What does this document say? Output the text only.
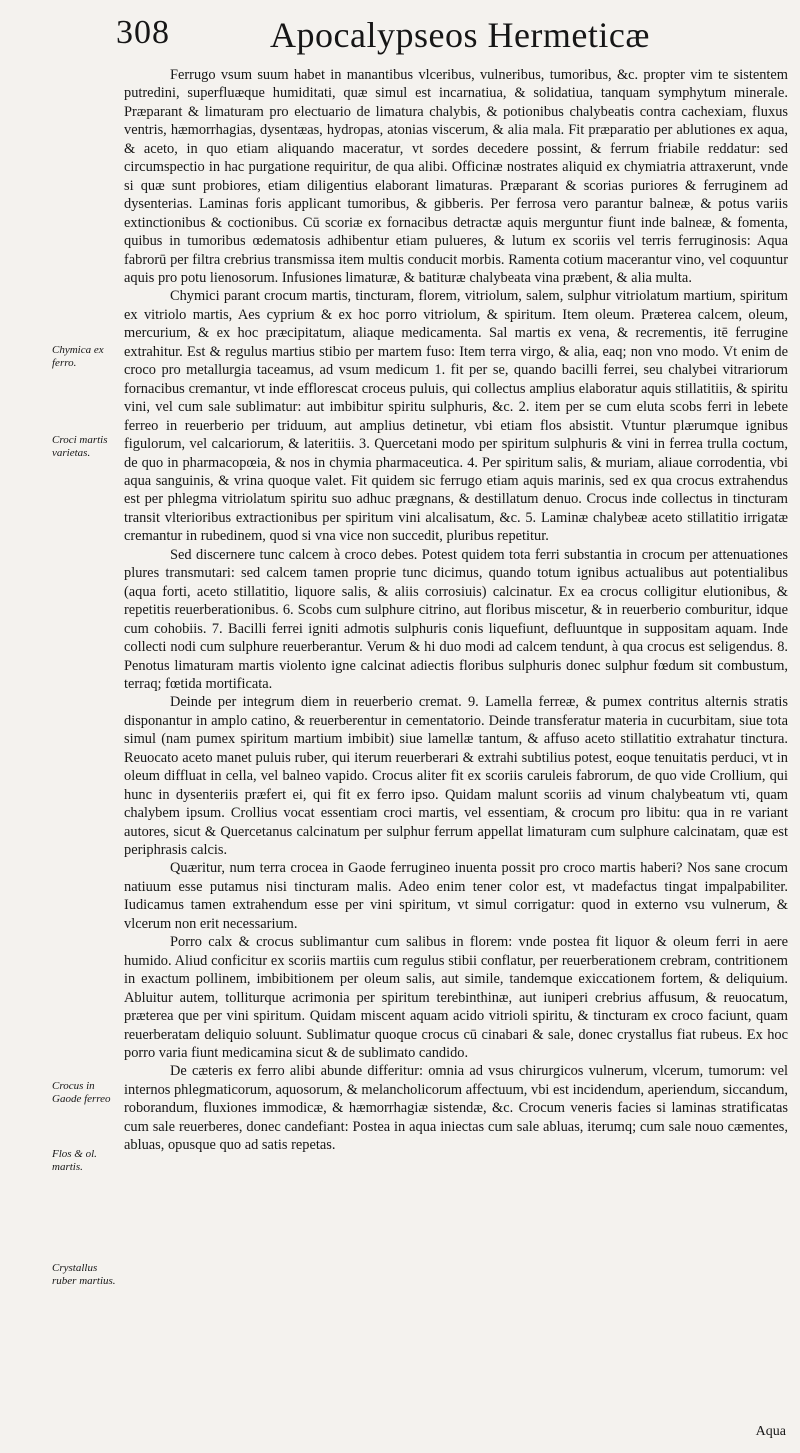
308	Apocalypseos Hermeticæ
Chymica ex ferro.
Croci martis varietas.
Crocus in Gaode ferreo
Flos & ol. martis.
Crystallus ruber martius.

Ferrugo vsum suum habet in manantibus vlceribus, vulneribus, tumoribus, &c. propter vim te sistentem putredini, superfluæque humiditati, quæ simul est incarnatiua, & solidatiua, tanquam symphytum minerale. Præparant & limaturam pro electuario de limatura chalybis, & potionibus chalybeatis contra cachexiam, fluxus ventris, hæmorrhagias, dysentæas, hydropas, atonias viscerum, & alia mala. Fit præparatio per ablutiones ex aqua, & aceto, in quo etiam aliquando maceratur, vt sordes decedere possint, & ferrum friabile reddatur: sed circumspectio in hac purgatione requiritur, de qua alibi. Officinæ nostrates aliquid ex chymiatria attraxerunt, vnde si quæ sunt probiores, etiam diligentius elaborant limaturas. Præparant & scorias puriores & ferruginem ad dysenterias. Laminas foris applicant tumoribus, & gibberis. Per ferrosa vero parantur balneæ, & potus variis extinctionibus & coctionibus. Cū scoriæ ex fornacibus detractæ aquis merguntur fiunt inde balneæ, & fomenta, quibus in tumoribus œdematosis adhibentur etiam pulueres, & lutum ex scoriis vel terris ferruginosis: Aqua fabrorū per filtra crebrius transmissa item multis conducit morbis. Ramenta cotium macerantur vino, vel coquuntur aquis pro potu lienosorum. Infusiones limaturæ, & batituræ chalybeata vina præbent, & alia multa.

Chymici parant crocum martis, tincturam, florem, vitriolum, salem, sulphur vitriolatum martium, spiritum ex vitriolo martis, Aes cyprium & ex hoc porro vitriolum, & spiritum. Item oleum. Præterea calcem, oleum, mercurium, & ex hoc præcipitatum, aliaque medicamenta. Sal martis ex vena, & recrementis, itē ferrugine extrahitur. Est & regulus martius stibio per martem fuso: Item terra virgo, & alia, eaq; non vno modo. Vt enim de croco pro metallurgia taceamus, ad vsum medicum 1. fit per se, quando bacilli ferrei, seu chalybei vitrariorum fornacibus cremantur, vt inde efflorescat croceus puluis, qui collectus amplius elaboratur aquis stillatitiis, & spiritu vini, vel cum sale sublimatur: aut imbibitur spiritu sulphuris, &c. 2. item per se cum eluta scobs ferri in lebete ferreo in reuerberio per triduum, aut amplius detinetur, vbi etiam flos absistit. Vtuntur plærumque ignibus figulorum, vel calcariorum, & lateritiis. 3. Quercetani modo per spiritum sulphuris & vini in ferrea trulla coctum, de quo in pharmacopœia, & nos in chymia pharmaceutica. 4. Per spiritum salis, & muriam, aliaue corrodentia, vbi aqua sanguinis, & vrina quoque valet. Fit quidem sic ferrugo etiam aquis marinis, sed ex qua crocus extrahendus est per phlegma vitriolatum spiritu suo adhuc prægnans, & destillatum denuo. Crocus inde collectus in tincturam transit vlterioribus extractionibus per spiritum vini alcalisatum, &c. 5. Laminæ chalybeæ aceto stillatitio irrigatæ cremantur in rubedinem, quod si vna vice non succedit, pluribus repetitur.

Sed discernere tunc calcem à croco debes. Potest quidem tota ferri substantia in crocum per attenuationes plures transmutari: sed calcem tamen proprie tunc dicimus, quando totum ignibus actualibus aut potentialibus (aqua forti, aceto stillatitio, liquore salis, & aliis corrosiuis) calcinatur. Ex ea crocus colligitur elutionibus, & repetitis reuerberationibus. 6. Scobs cum sulphure citrino, aut floribus miscetur, & in reuerberio comburitur, idque cum cohobiis. 7. Bacilli ferrei igniti admotis sulphuris conis liquefiunt, defluuntque in suppositam aquam. Inde collecti nodi cum sulphure reuerberantur. Verum & hi duo modi ad calcem tendunt, à qua crocus est seligendus. 8. Penotus limaturam martis violento igne calcinat adiectis floribus sulphuris donec sulphur fœdum sit combustum, terraq; fœtida mortificata.

Deinde per integrum diem in reuerberio cremat. 9. Lamella ferreæ, & pumex contritus alternis stratis disponantur in amplo catino, & reuerberentur in cementatorio. Deinde transferatur materia in cucurbitam, siue tota simul (nam pumex spiritum martium imbibit) siue lamellæ tantum, & affuso aceto stillatitio extrahatur tinctura. Reuocato aceto manet puluis ruber, qui iterum reuerberari & extrahi subtilius potest, eoque tenuitatis perduci, vt in oleum diffluat in cella, vel balneo vapido. Crocus aliter fit ex scoriis caruleis fabrorum, de quo vide Crollium, qui hunc in dysenteriis præfert ei, qui fit ex ferro ipso. Quidam malunt scoriis ad vinum chalybeatum vti, quam chalybem ipsum. Crollius vocat essentiam croci martis, vel essentiam, & crocum pro libitu: qua in re variant autores, sicut & Quercetanus calcinatum per sulphur ferrum appellat limaturam cum sulphure calcinatam, quæ est periphrasis calcis.

Quæritur, num terra crocea in Gaode ferrugineo inuenta possit pro croco martis haberi? Nos sane crocum natiuum esse putamus nisi tincturam malis. Adeo enim tener color est, vt madefactus tingat impalpabiliter. Iudicamus tamen extrahendum esse per vini spiritum, vt simul corrigatur: quod in externo vsu vulnerum, & vlcerum non erit necessarium.

Porro calx & crocus sublimantur cum salibus in florem: vnde postea fit liquor & oleum ferri in aere humido. Aliud conficitur ex scoriis martiis cum regulus stibii conflatur, per reuerberationem crebram, contritionem in exactum pollinem, imbibitionem per oleum salis, aut simile, tandemque exiccationem fortem, & deliquium. Abluitur autem, tolliturque acrimonia per spiritum terebinthinæ, aut iuniperi crebrius affusum, & reuocatum, præterea que per vini spiritum. Quidam miscent aquam acido vitrioli spiritu, & tincturam ex croco faciunt, quam reuerberatam deliquio soluunt. Sublimatur quoque crocus cū cinabari & sale, donec crystallus fiat rubeus. Ex hoc porro varia fiunt medicamina sicut & de sublimato candido.

De cæteris ex ferro alibi abunde differitur: omnia ad vsus chirurgicos vulnerum, vlcerum, tumorum: vel internos phlegmaticorum, aquosorum, & melancholicorum affectuum, vbi est incidendum, aperiendum, siccandum, roborandum, fluxiones immodicæ, & hæmorrhagiæ sistendæ, &c. Crocum veneris facies si laminas stratificatas cum sale reuerberes, donec candefiant: Postea in aqua iniectas cum sale abluas, iterumq; cum sale nouo cæmentes, abluas, opusque quo ad satis repetas.

Aqua
